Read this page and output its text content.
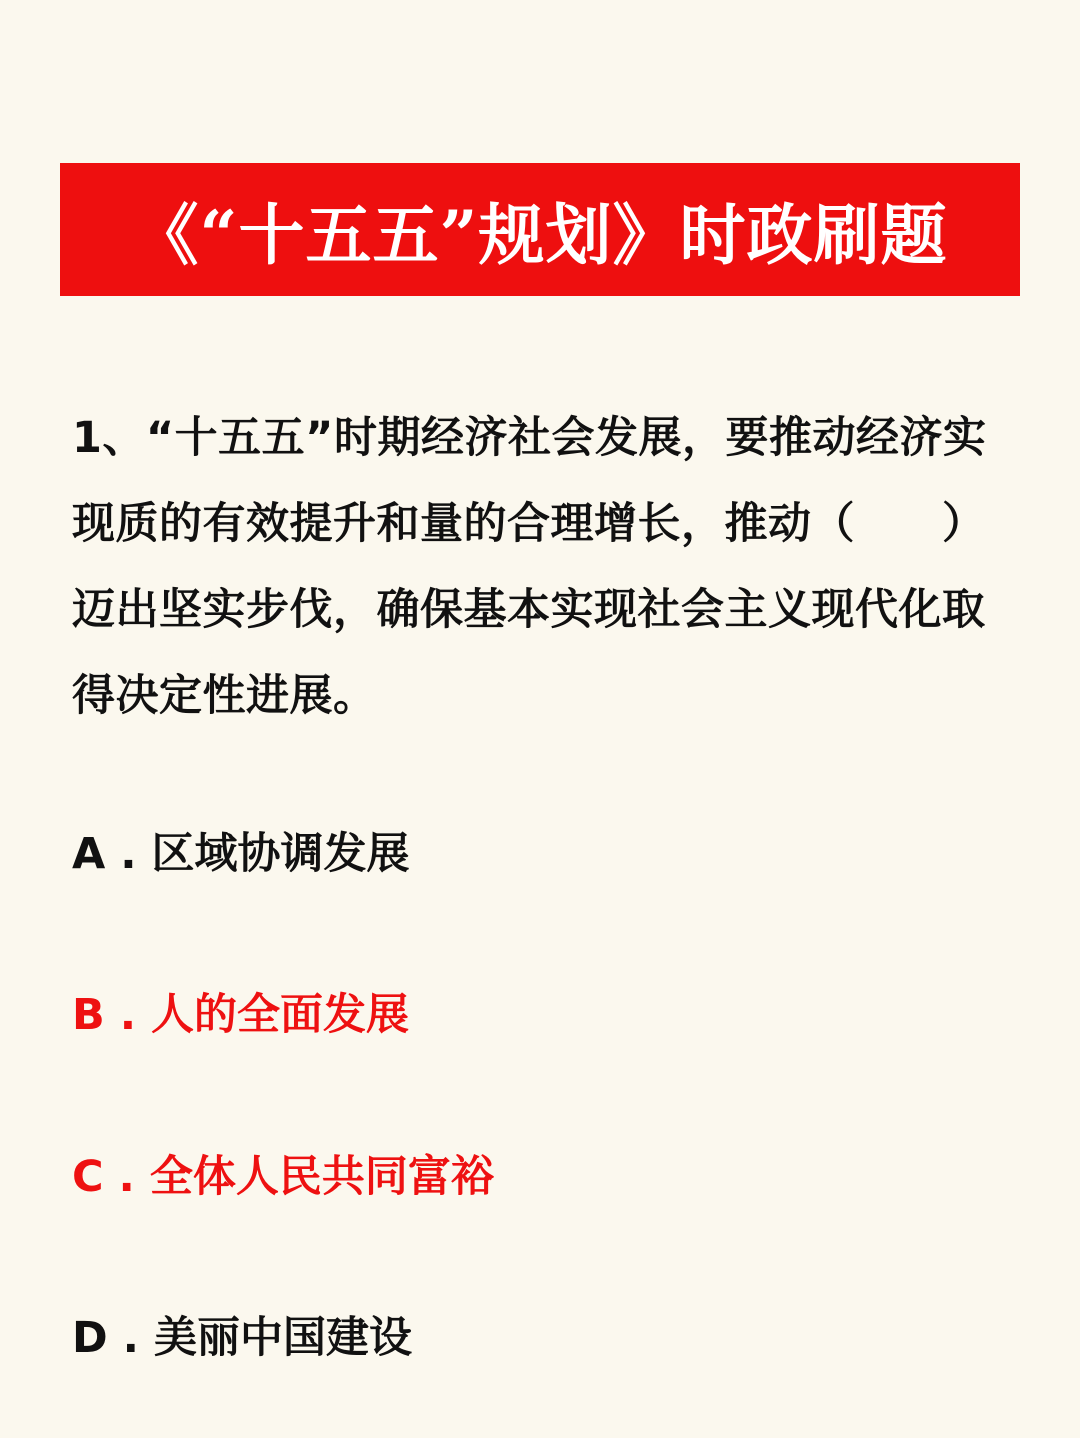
《“十五五”规划》时政刷题

1、“十五五”时期经济社会发展，要推动经济实现质的有效提升和量的合理增长，推动（　　）迈出坚实步伐，确保基本实现社会主义现代化取得决定性进展。

A . 区域协调发展
B . 人的全面发展
C . 全体人民共同富裕
D . 美丽中国建设
